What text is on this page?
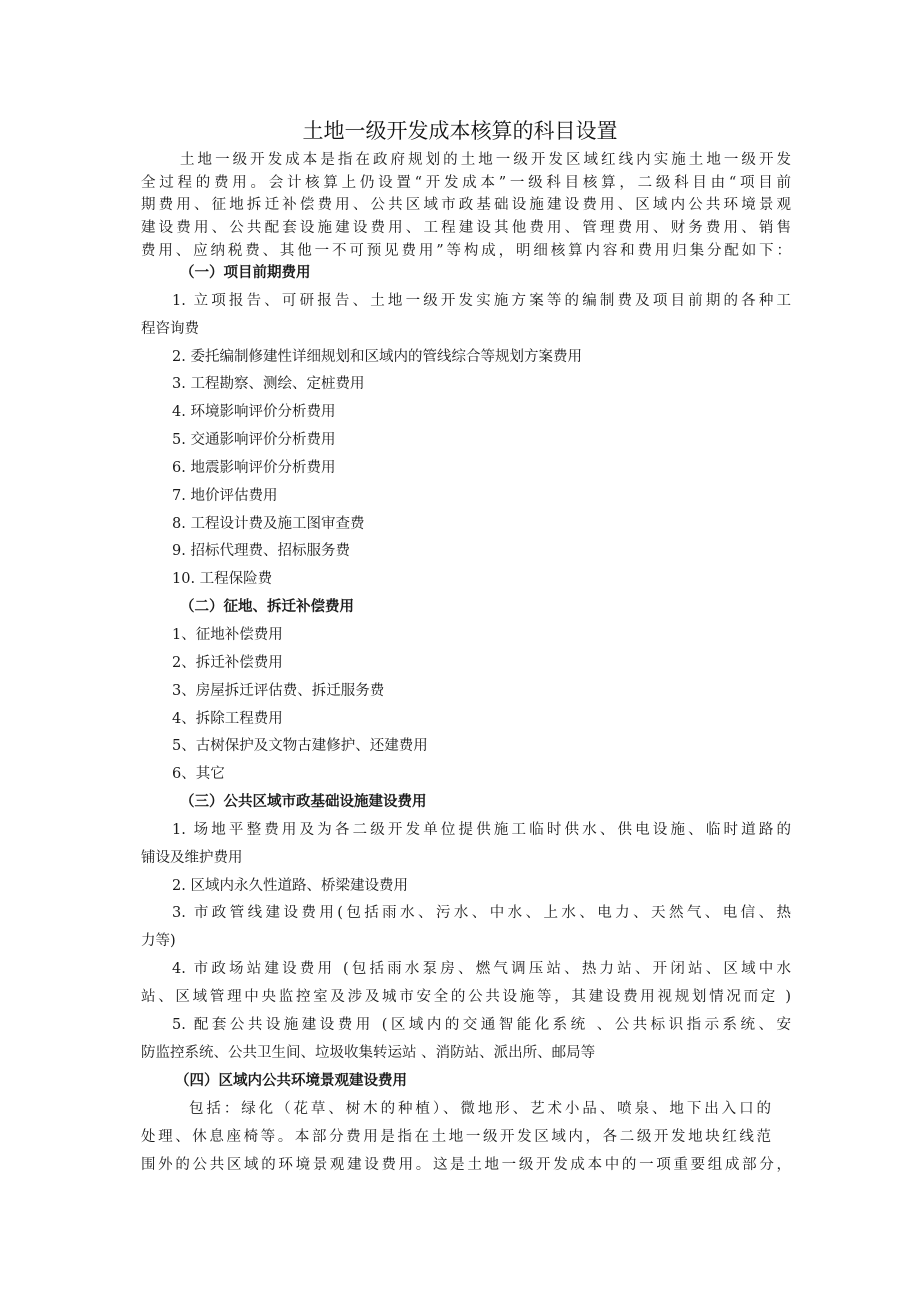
土地一级开发成本核算的科目设置
土地一级开发成本是指在政府规划的土地一级开发区域红线内实施土地一级开发
全过程的费用。会计核算上仍设置“开发成本”一级科目核算，二级科目由“项目前
期费用、征地拆迁补偿费用、公共区域市政基础设施建设费用、区域内公共环境景观
建设费用、公共配套设施建设费用、工程建设其他费用、管理费用、财务费用、销售
费用、应纳税费、其他一不可预见费用”等构成，明细核算内容和费用归集分配如下：
（一）项目前期费用
1. 立项报告、可研报告、土地一级开发实施方案等的编制费及项目前期的各种工
程咨询费
2. 委托编制修建性详细规划和区域内的管线综合等规划方案费用
3. 工程勘察、测绘、定桩费用
4. 环境影响评价分析费用
5. 交通影响评价分析费用
6. 地震影响评价分析费用
7. 地价评估费用
8. 工程设计费及施工图审查费
9. 招标代理费、招标服务费
10. 工程保险费
（二）征地、拆迁补偿费用
1、征地补偿费用
2、拆迁补偿费用
3、房屋拆迁评估费、拆迁服务费
4、拆除工程费用
5、古树保护及文物古建修护、还建费用
6、其它
（三）公共区域市政基础设施建设费用
1. 场地平整费用及为各二级开发单位提供施工临时供水、供电设施、临时道路的
铺设及维护费用
2. 区域内永久性道路、桥梁建设费用
3. 市政管线建设费用(包括雨水、污水、中水、上水、电力、天然气、电信、热
力等)
4. 市政场站建设费用 (包括雨水泵房、燃气调压站、热力站、开闭站、区域中水
站、区域管理中央监控室及涉及城市安全的公共设施等，其建设费用视规划情况而定 )
5. 配套公共设施建设费用 (区域内的交通智能化系统 、公共标识指示系统、安
防监控系统、公共卫生间、垃圾收集转运站 、消防站、派出所、邮局等
（四）区域内公共环境景观建设费用
包括：绿化（花草、树木的种植）、微地形、艺术小品、喷泉、地下出入口的
处理、休息座椅等。本部分费用是指在土地一级开发区域内，各二级开发地块红线范
围外的公共区域的环境景观建设费用。这是土地一级开发成本中的一项重要组成部分，
